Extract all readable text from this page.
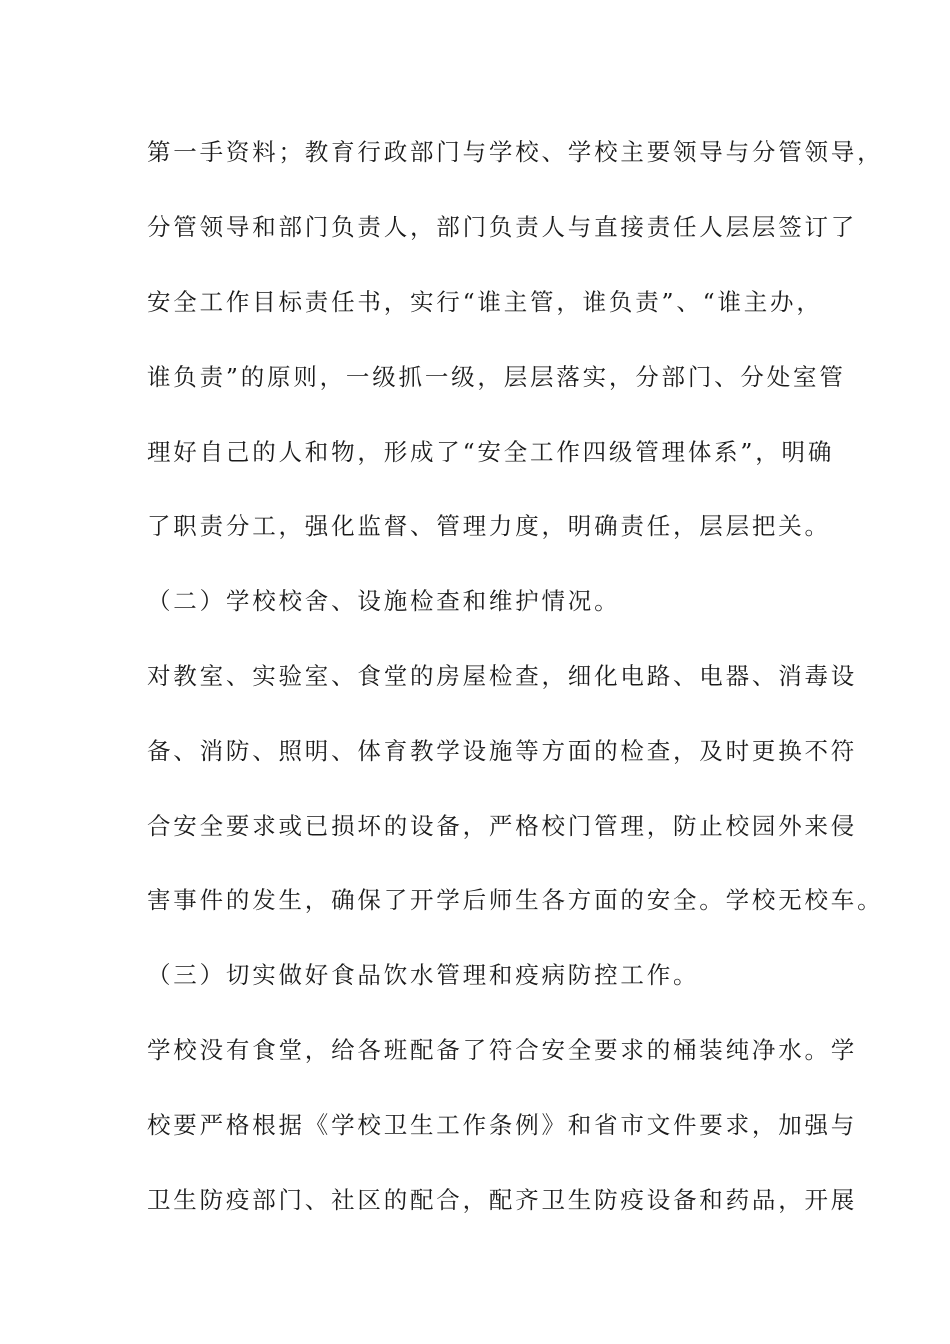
第一手资料；教育行政部门与学校、学校主要领导与分管领导，
分管领导和部门负责人，部门负责人与直接责任人层层签订了
安全工作目标责任书，实行“谁主管，谁负责”、“谁主办，
谁负责”的原则，一级抓一级，层层落实，分部门、分处室管
理好自己的人和物，形成了“安全工作四级管理体系”，明确
了职责分工，强化监督、管理力度，明确责任，层层把关。
（二）学校校舍、设施检查和维护情况。
对教室、实验室、食堂的房屋检查，细化电路、电器、消毒设
备、消防、照明、体育教学设施等方面的检查，及时更换不符
合安全要求或已损坏的设备，严格校门管理，防止校园外来侵
害事件的发生，确保了开学后师生各方面的安全。学校无校车。
（三）切实做好食品饮水管理和疫病防控工作。
学校没有食堂，给各班配备了符合安全要求的桶装纯净水。学
校要严格根据《学校卫生工作条例》和省市文件要求，加强与
卫生防疫部门、社区的配合，配齐卫生防疫设备和药品，开展
